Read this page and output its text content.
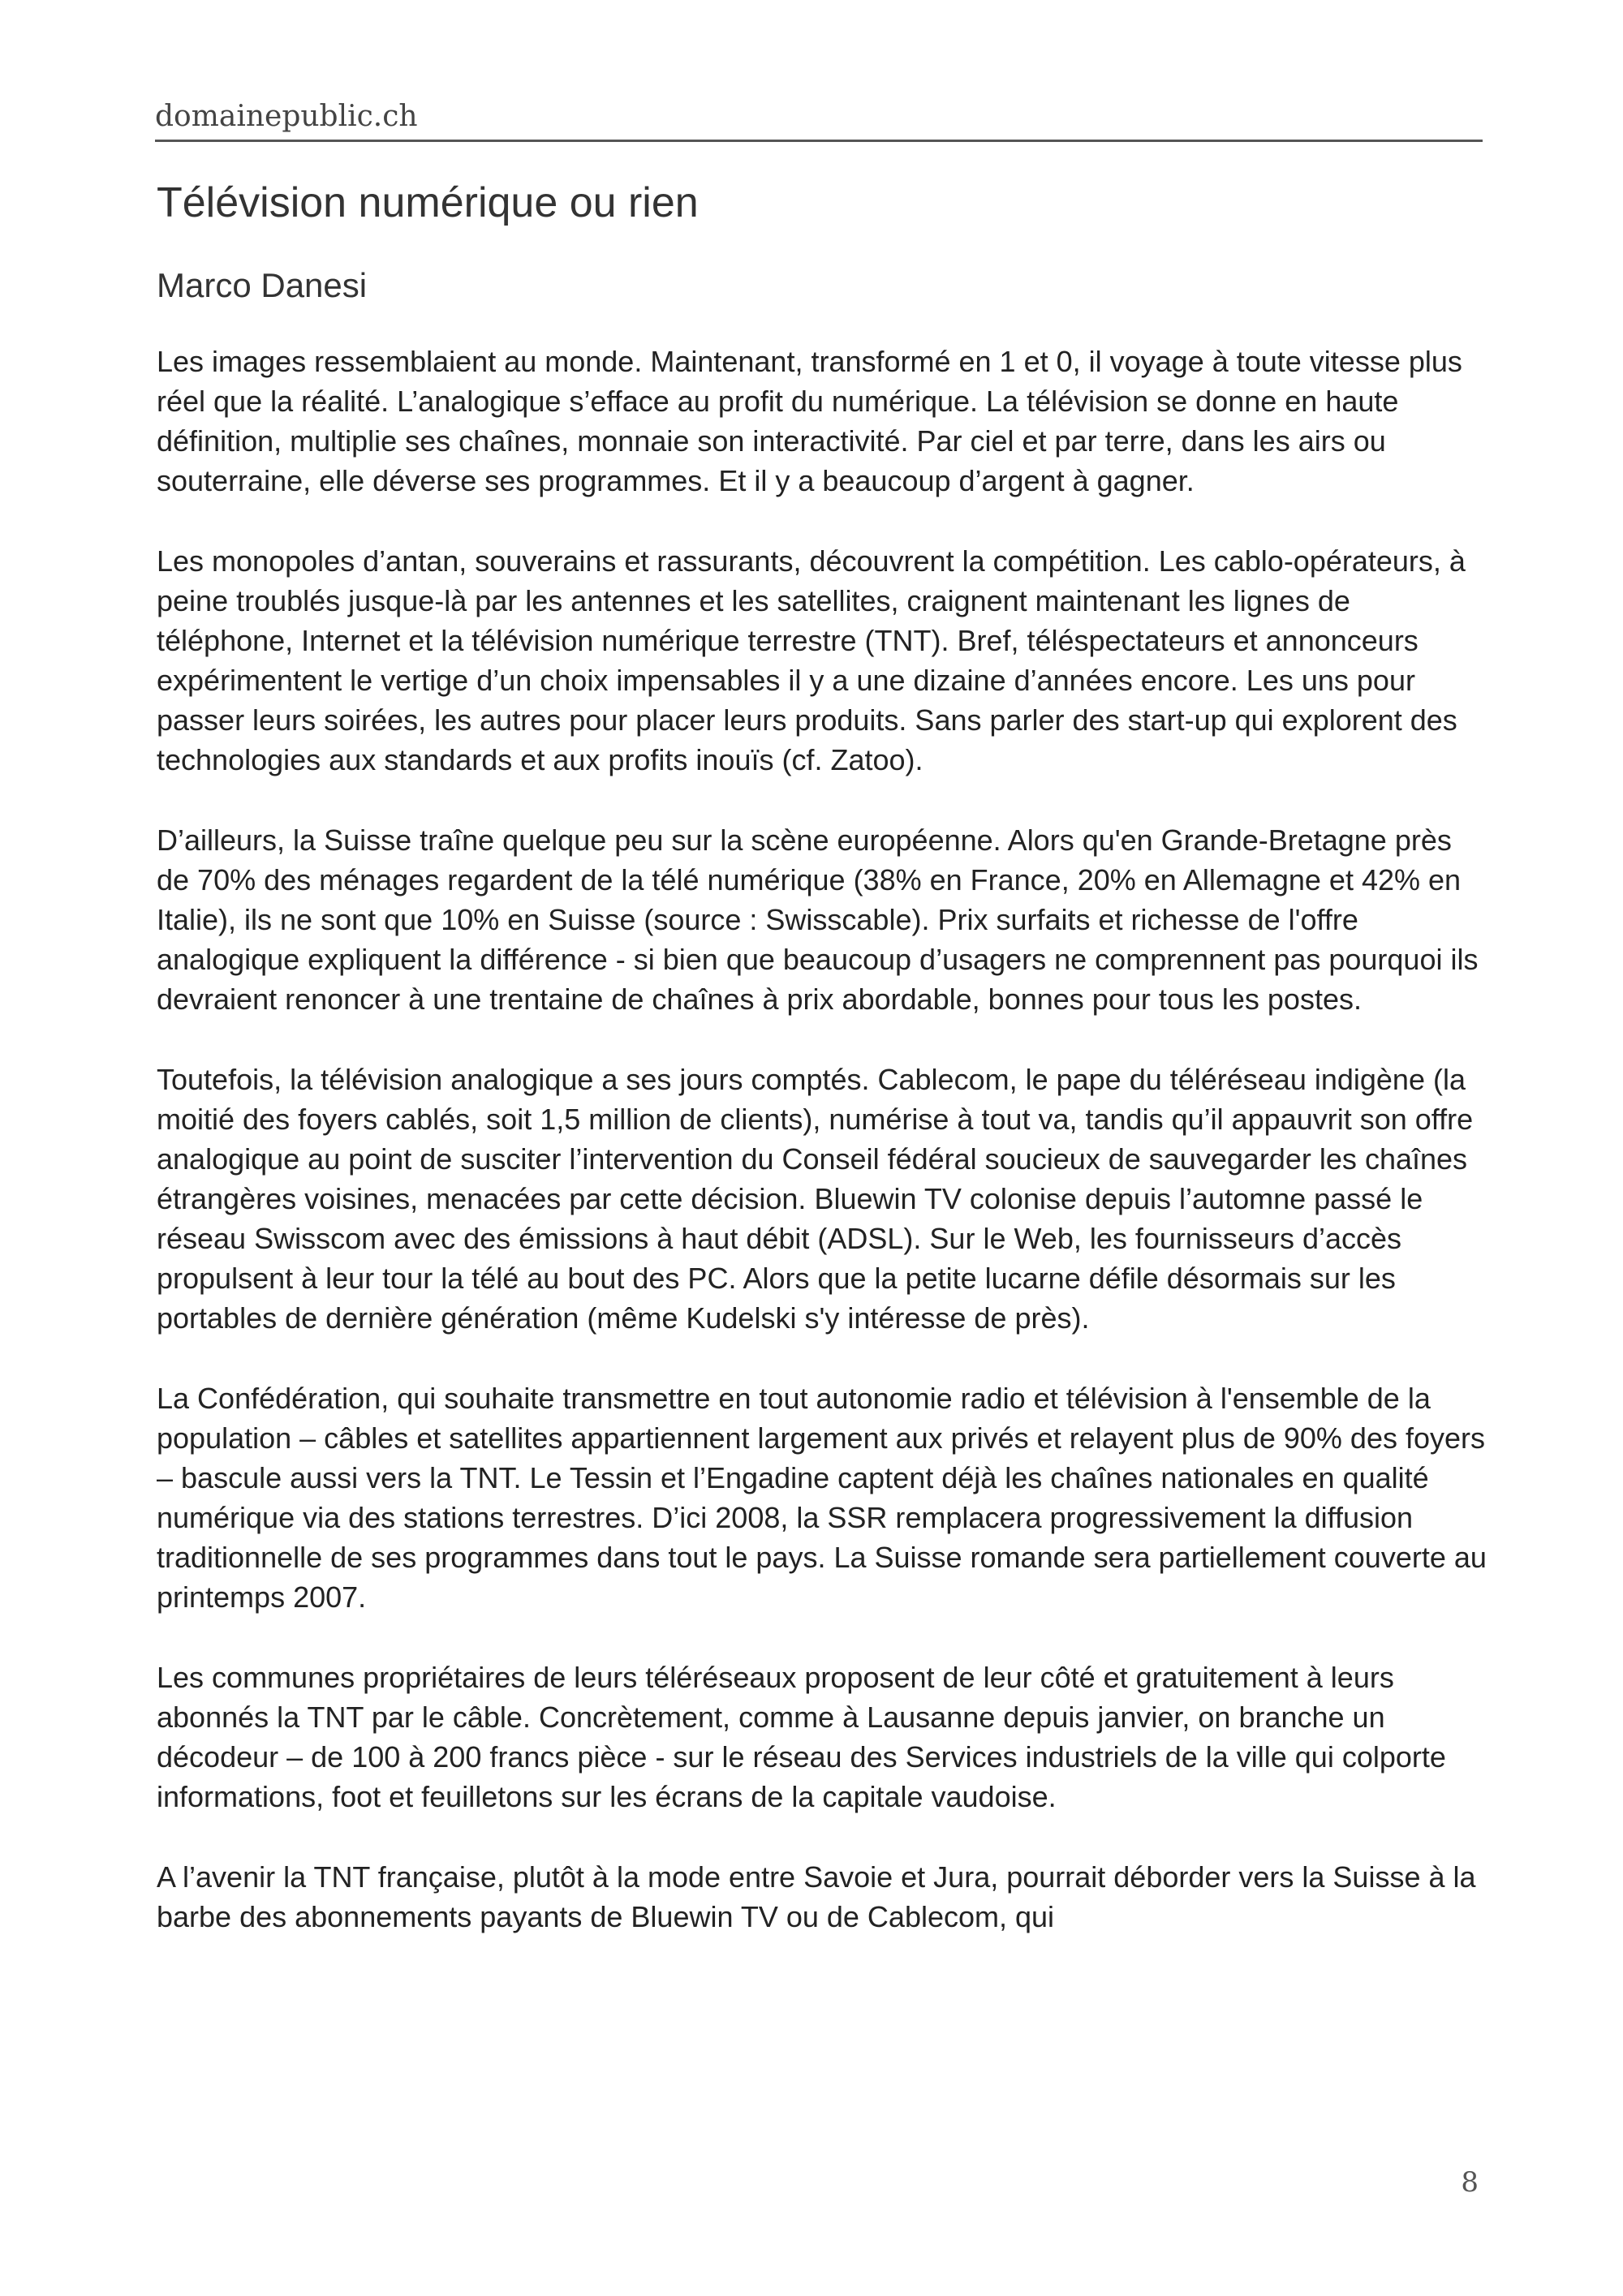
domainepublic.ch
Télévision numérique ou rien

Marco Danesi

Les images ressemblaient au monde. Maintenant, transformé en 1 et 0, il voyage à toute vitesse plus réel que la réalité. L’analogique s’efface au profit du numérique. La télévision se donne en haute définition, multiplie ses chaînes, monnaie son interactivité. Par ciel et par terre, dans les airs ou souterraine, elle déverse ses programmes. Et il y a beaucoup d’argent à gagner.

Les monopoles d’antan, souverains et rassurants, découvrent la compétition. Les cablo-opérateurs, à peine troublés jusque-là par les antennes et les satellites, craignent maintenant les lignes de téléphone, Internet et la télévision numérique terrestre (TNT). Bref, téléspectateurs et annonceurs expérimentent le vertige d’un choix impensables il y a une dizaine d’années encore. Les uns pour passer leurs soirées, les autres pour placer leurs produits. Sans parler des start-up qui explorent des technologies aux standards et aux profits inouïs (cf. Zatoo).

D’ailleurs, la Suisse traîne quelque peu sur la scène européenne. Alors qu'en Grande-Bretagne près de 70% des ménages regardent de la télé numérique (38% en France, 20% en Allemagne et 42% en Italie), ils ne sont que 10% en Suisse (source : Swisscable). Prix surfaits et richesse de l'offre analogique expliquent la différence - si bien que beaucoup d’usagers ne comprennent pas pourquoi ils devraient renoncer à une trentaine de chaînes à prix abordable, bonnes pour tous les postes.

Toutefois, la télévision analogique a ses jours comptés. Cablecom, le pape du téléréseau indigène (la moitié des foyers cablés, soit 1,5 million de clients), numérise à tout va, tandis qu’il appauvrit son offre analogique au point de susciter l’intervention du Conseil fédéral soucieux de sauvegarder les chaînes étrangères voisines, menacées par cette décision. Bluewin TV colonise depuis l’automne passé le réseau Swisscom avec des émissions à haut débit (ADSL). Sur le Web, les fournisseurs d’accès propulsent à leur tour la télé au bout des PC. Alors que la petite lucarne défile désormais sur les portables de dernière génération (même Kudelski s'y intéresse de près).

La Confédération, qui souhaite transmettre en tout autonomie radio et télévision à l'ensemble de la population – câbles et satellites appartiennent largement aux privés et relayent plus de 90% des foyers – bascule aussi vers la TNT. Le Tessin et l’Engadine captent déjà les chaînes nationales en qualité numérique via des stations terrestres. D’ici 2008, la SSR remplacera progressivement la diffusion traditionnelle de ses programmes dans tout le pays. La Suisse romande sera partiellement couverte au printemps 2007.

Les communes propriétaires de leurs téléréseaux proposent de leur côté et gratuitement à leurs abonnés la TNT par le câble. Concrètement, comme à Lausanne depuis janvier, on branche un décodeur – de 100 à 200 francs pièce - sur le réseau des Services industriels de la ville qui colporte informations, foot et feuilletons sur les écrans de la capitale vaudoise.

A l’avenir la TNT française, plutôt à la mode entre Savoie et Jura, pourrait déborder vers la Suisse à la barbe des abonnements payants de Bluewin TV ou de Cablecom, qui

8
